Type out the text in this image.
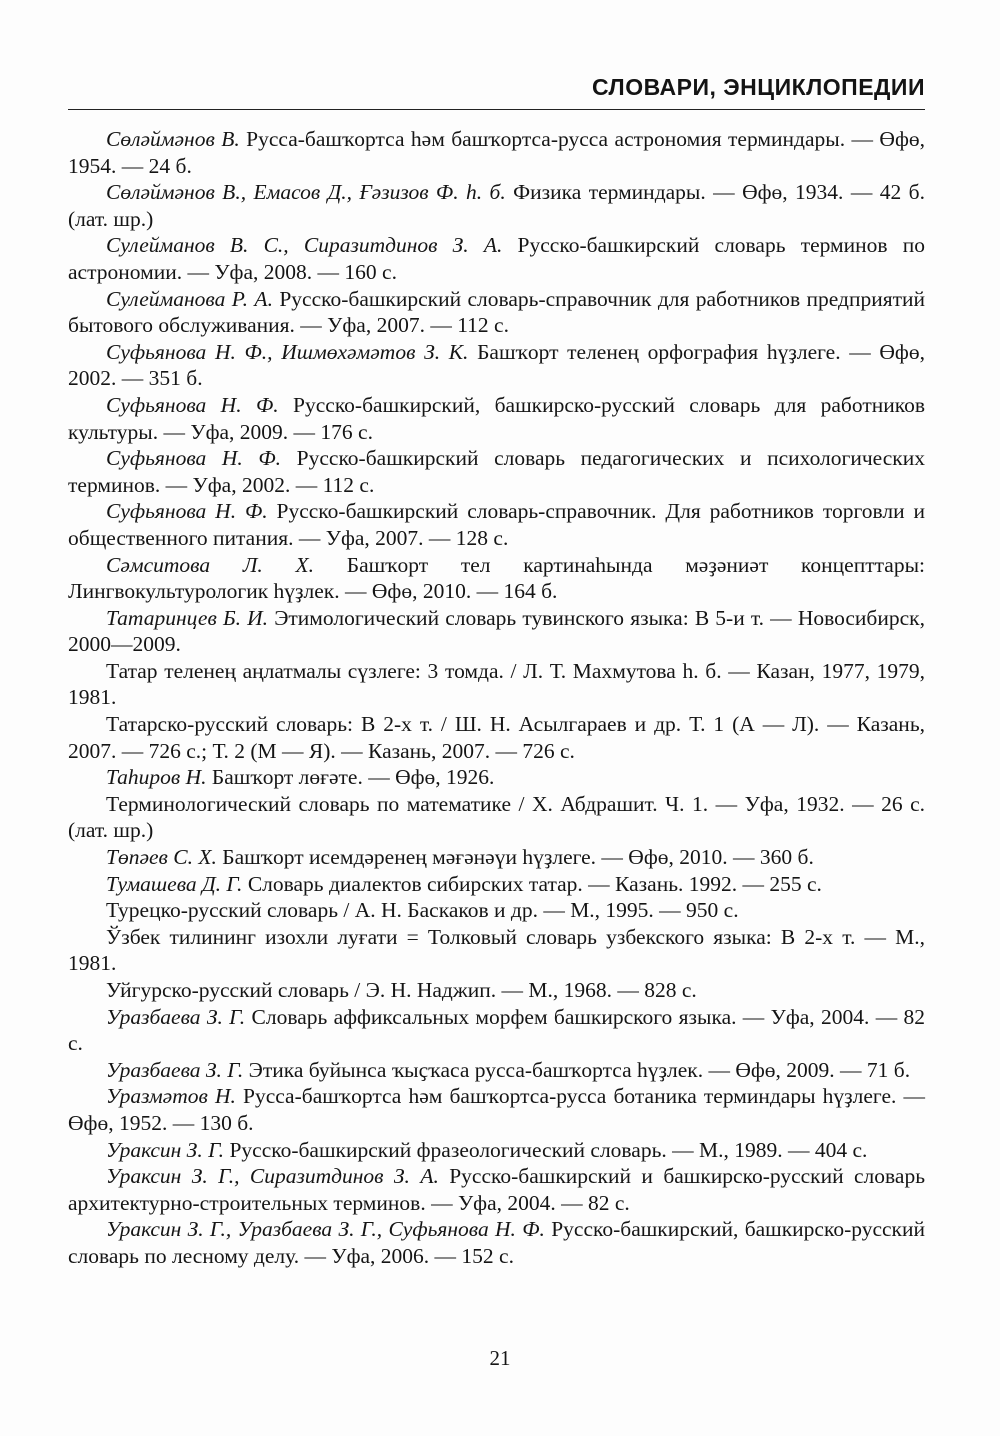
СЛОВАРИ, ЭНЦИКЛОПЕДИИ

Сөләймәнов В. Русса-башҡортса һәм башҡортса-русса астрономия терминдары. — Өфө, 1954. — 24 б.

Сөләймәнов В., Емасов Д., Ғәзизов Ф. һ. б. Физика терминдары. — Өфө, 1934. — 42 б. (лат. шр.)

Сулейманов В. С., Сиразитдинов З. А. Русско-башкирский словарь терминов по астрономии. — Уфа, 2008. — 160 с.

Сулейманова Р. А. Русско-башкирский словарь-справочник для работников предприятий бытового обслуживания. — Уфа, 2007. — 112 с.

Суфьянова Н. Ф., Ишмөхәмәтов З. К. Башҡорт теленең орфография һүҙлеге. — Өфө, 2002. — 351 б.

Суфьянова Н. Ф. Русско-башкирский, башкирско-русский словарь для работников культуры. — Уфа, 2009. — 176 с.

Суфьянова Н. Ф. Русско-башкирский словарь педагогических и психологических терминов. — Уфа, 2002. — 112 с.

Суфьянова Н. Ф. Русско-башкирский словарь-справочник. Для работников торговли и общественного питания. — Уфа, 2007. — 128 с.

Сәмситова Л. Х. Башҡорт тел картинаһында мәҙәниәт концепттары: Лингвокультурологик һүҙлек. — Өфө, 2010. — 164 б.

Татаринцев Б. И. Этимологический словарь тувинского языка: В 5-и т. — Новосибирск, 2000—2009.

Татар теленең аңлатмалы сүзлеге: 3 томда. / Л. Т. Махмутова һ. б. — Казан, 1977, 1979, 1981.

Татарско-русский словарь: В 2-х т. / Ш. Н. Асылгараев и др. Т. 1 (А — Л). — Казань, 2007. — 726 с.; Т. 2 (М — Я). — Казань, 2007. — 726 с.

Таһиров Н. Башҡорт лөғәте. — Өфө, 1926.

Терминологический словарь по математике / Х. Абдрашит. Ч. 1. — Уфа, 1932. — 26 с. (лат. шр.)

Төпәев С. Х. Башҡорт исемдәренең мәғәнәүи һүҙлеге. — Өфө, 2010. — 360 б.

Тумашева Д. Г. Словарь диалектов сибирских татар. — Казань. 1992. — 255 с.

Турецко-русский словарь / А. Н. Баскаков и др. — М., 1995. — 950 с.

Ўзбек тилининг изохли луғати = Толковый словарь узбекского языка: В 2-х т. — М., 1981.

Уйгурско-русский словарь / Э. Н. Наджип. — М., 1968. — 828 с.

Уразбаева З. Г. Словарь аффиксальных морфем башкирского языка. — Уфа, 2004. — 82 с.

Уразбаева З. Г. Этика буйынса ҡыҫҡаса русса-башҡортса һүҙлек. — Өфө, 2009. — 71 б.

Уразмәтов Н. Русса-башҡортса һәм башҡортса-русса ботаника терминдары һүҙлеге. — Өфө, 1952. — 130 б.

Ураксин З. Г. Русско-башкирский фразеологический словарь. — М., 1989. — 404 с.

Ураксин З. Г., Сиразитдинов З. А. Русско-башкирский и башкирско-русский словарь архитектурно-строительных терминов. — Уфа, 2004. — 82 с.

Ураксин З. Г., Уразбаева З. Г., Суфьянова Н. Ф. Русско-башкирский, башкирско-русский словарь по лесному делу. — Уфа, 2006. — 152 с.

21
